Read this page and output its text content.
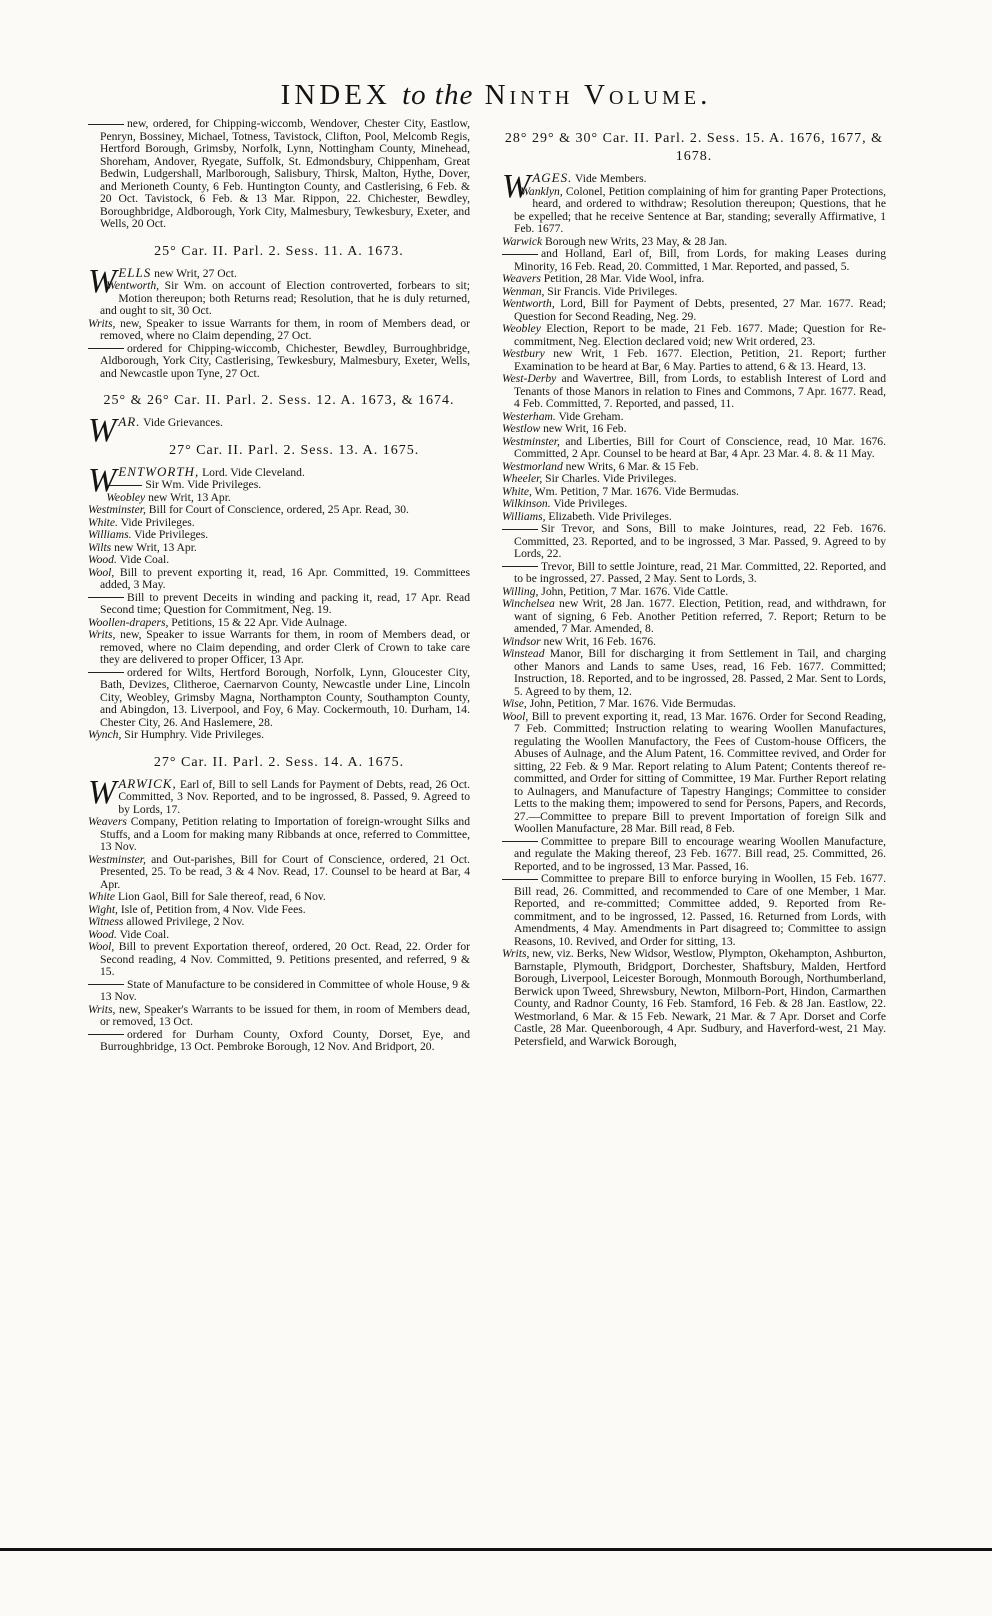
INDEX to the Ninth Volume.

new, ordered, for Chipping-wiccomb, Wendover, Chester City, Eastlow, Penryn, Bossiney, Michael, Totness, Tavistock, Clifton, Pool, Melcomb Regis, Hertford Borough, Grimsby, Norfolk, Lynn, Nottingham County, Minehead, Shoreham, Andover, Ryegate, Suffolk, St. Edmondsbury, Chippenham, Great Bedwin, Ludgershall, Marlborough, Salisbury, Thirsk, Malton, Hythe, Dover, and Merioneth County, 6 Feb. Huntington County, and Castlerising, 6 Feb. & 20 Oct. Tavistock, 6 Feb. & 13 Mar. Rippon, 22. Chichester, Bewdley, Boroughbridge, Aldborough, York City, Malmesbury, Tewkesbury, Exeter, and Wells, 20 Oct.

25° Car. II. Parl. 2. Sess. 11. A. 1673.

WELLS new Writ, 27 Oct.

Wentworth, Sir Wm. on account of Election controverted, forbears to sit; Motion thereupon; both Returns read; Resolution, that he is duly returned, and ought to sit, 30 Oct.

Writs, new, Speaker to issue Warrants for them, in room of Members dead, or removed, where no Claim depending, 27 Oct.

ordered for Chipping-wiccomb, Chichester, Bewdley, Burroughbridge, Aldborough, York City, Castlerising, Tewkesbury, Malmesbury, Exeter, Wells, and Newcastle upon Tyne, 27 Oct.

25° & 26° Car. II. Parl. 2. Sess. 12. A. 1673, & 1674.

WAR. Vide Grievances.

27° Car. II. Parl. 2. Sess. 13. A. 1675.

WENTWORTH, Lord. Vide Cleveland.

Sir Wm. Vide Privileges.

Weobley new Writ, 13 Apr.

Westminster, Bill for Court of Conscience, ordered, 25 Apr. Read, 30.

White. Vide Privileges.

Williams. Vide Privileges.

Wilts new Writ, 13 Apr.

Wood. Vide Coal.

Wool, Bill to prevent exporting it, read, 16 Apr. Committed, 19. Committees added, 3 May.

Bill to prevent Deceits in winding and packing it, read, 17 Apr. Read Second time; Question for Commitment, Neg. 19.

Woollen-drapers, Petitions, 15 & 22 Apr. Vide Aulnage.

Writs, new, Speaker to issue Warrants for them, in room of Members dead, or removed, where no Claim depending, and order Clerk of Crown to take care they are delivered to proper Officer, 13 Apr.

ordered for Wilts, Hertford Borough, Norfolk, Lynn, Gloucester City, Bath, Devizes, Clitheroe, Caernarvon County, Newcastle under Line, Lincoln City, Weobley, Grimsby Magna, Northampton County, Southampton County, and Abingdon, 13. Liverpool, and Foy, 6 May. Cockermouth, 10. Durham, 14. Chester City, 26. And Haslemere, 28.

Wynch, Sir Humphry. Vide Privileges.

27° Car. II. Parl. 2. Sess. 14. A. 1675.

WARWICK, Earl of, Bill to sell Lands for Payment of Debts, read, 26 Oct. Committed, 3 Nov. Reported, and to be ingrossed, 8. Passed, 9. Agreed to by Lords, 17.

Weavers Company, Petition relating to Importation of foreign-wrought Silks and Stuffs, and a Loom for making many Ribbands at once, referred to Committee, 13 Nov.

Westminster, and Out-parishes, Bill for Court of Conscience, ordered, 21 Oct. Presented, 25. To be read, 3 & 4 Nov. Read, 17. Counsel to be heard at Bar, 4 Apr.

White Lion Gaol, Bill for Sale thereof, read, 6 Nov.

Wight, Isle of, Petition from, 4 Nov. Vide Fees.

Witness allowed Privilege, 2 Nov.

Wood. Vide Coal.

Wool, Bill to prevent Exportation thereof, ordered, 20 Oct. Read, 22. Order for Second reading, 4 Nov. Committed, 9. Petitions presented, and referred, 9 & 15.

State of Manufacture to be considered in Committee of whole House, 9 & 13 Nov.

Writs, new, Speaker's Warrants to be issued for them, in room of Members dead, or removed, 13 Oct.

ordered for Durham County, Oxford County, Dorset, Eye, and Burroughbridge, 13 Oct. Pembroke Borough, 12 Nov. And Bridport, 20.

28° 29° & 30° Car. II. Parl. 2. Sess. 15. A. 1676, 1677, & 1678.

WAGES. Vide Members.

Wanklyn, Colonel, Petition complaining of him for granting Paper Protections, heard, and ordered to withdraw; Resolution thereupon; Questions, that he be expelled; that he receive Sentence at Bar, standing; severally Affirmative, 1 Feb. 1677.

Warwick Borough new Writs, 23 May, & 28 Jan.

and Holland, Earl of, Bill, from Lords, for making Leases during Minority, 16 Feb. Read, 20. Committed, 1 Mar. Reported, and passed, 5.

Weavers Petition, 28 Mar. Vide Wool, infra.

Wenman, Sir Francis. Vide Privileges.

Wentworth, Lord, Bill for Payment of Debts, presented, 27 Mar. 1677. Read; Question for Second Reading, Neg. 29.

Weobley Election, Report to be made, 21 Feb. 1677. Made; Question for Re-commitment, Neg. Election declared void; new Writ ordered, 23.

Westbury new Writ, 1 Feb. 1677. Election, Petition, 21. Report; further Examination to be heard at Bar, 6 May. Parties to attend, 6 & 13. Heard, 13.

West-Derby and Wavertree, Bill, from Lords, to establish Interest of Lord and Tenants of those Manors in relation to Fines and Commons, 7 Apr. 1677. Read, 4 Feb. Committed, 7. Reported, and passed, 11.

Westerham. Vide Greham.

Westlow new Writ, 16 Feb.

Westminster, and Liberties, Bill for Court of Conscience, read, 10 Mar. 1676. Committed, 2 Apr. Counsel to be heard at Bar, 4 Apr. 23 Mar. 4. 8. & 11 May.

Westmorland new Writs, 6 Mar. & 15 Feb.

Wheeler, Sir Charles. Vide Privileges.

White, Wm. Petition, 7 Mar. 1676. Vide Bermudas.

Wilkinson. Vide Privileges.

Williams, Elizabeth. Vide Privileges.

Sir Trevor, and Sons, Bill to make Jointures, read, 22 Feb. 1676. Committed, 23. Reported, and to be ingrossed, 3 Mar. Passed, 9. Agreed to by Lords, 22.

Trevor, Bill to settle Jointure, read, 21 Mar. Committed, 22. Reported, and to be ingrossed, 27. Passed, 2 May. Sent to Lords, 3.

Willing, John, Petition, 7 Mar. 1676. Vide Cattle.

Winchelsea new Writ, 28 Jan. 1677. Election, Petition, read, and withdrawn, for want of signing, 6 Feb. Another Petition referred, 7. Report; Return to be amended, 7 Mar. Amended, 8.

Windsor new Writ, 16 Feb. 1676.

Winstead Manor, Bill for discharging it from Settlement in Tail, and charging other Manors and Lands to same Uses, read, 16 Feb. 1677. Committed; Instruction, 18. Reported, and to be ingrossed, 28. Passed, 2 Mar. Sent to Lords, 5. Agreed to by them, 12.

Wise, John, Petition, 7 Mar. 1676. Vide Bermudas.

Wool, Bill to prevent exporting it, read, 13 Mar. 1676. Order for Second Reading, 7 Feb. Committed; Instruction relating to wearing Woollen Manufactures, regulating the Woollen Manufactory, the Fees of Custom-house Officers, the Abuses of Aulnage, and the Alum Patent, 16. Committee revived, and Order for sitting, 22 Feb. & 9 Mar. Report relating to Alum Patent; Contents thereof re-committed, and Order for sitting of Committee, 19 Mar. Further Report relating to Aulnagers, and Manufacture of Tapestry Hangings; Committee to consider Letts to the making them; impowered to send for Persons, Papers, and Records, 27.—Committee to prepare Bill to prevent Importation of foreign Silk and Woollen Manufacture, 28 Mar. Bill read, 8 Feb.

Committee to prepare Bill to encourage wearing Woollen Manufacture, and regulate the Making thereof, 23 Feb. 1677. Bill read, 25. Committed, 26. Reported, and to be ingrossed, 13 Mar. Passed, 16.

Committee to prepare Bill to enforce burying in Woollen, 15 Feb. 1677. Bill read, 26. Committed, and recommended to Care of one Member, 1 Mar. Reported, and re-committed; Committee added, 9. Reported from Re-commitment, and to be ingrossed, 12. Passed, 16. Returned from Lords, with Amendments, 4 May. Amendments in Part disagreed to; Committee to assign Reasons, 10. Revived, and Order for sitting, 13.

Writs, new, viz. Berks, New Widsor, Westlow, Plympton, Okehampton, Ashburton, Barnstaple, Plymouth, Bridgport, Dorchester, Shaftsbury, Malden, Hertford Borough, Liverpool, Leicester Borough, Monmouth Borough, Northumberland, Berwick upon Tweed, Shrewsbury, Newton, Milborn-Port, Hindon, Carmarthen County, and Radnor County, 16 Feb. Stamford, 16 Feb. & 28 Jan. Eastlow, 22. Westmorland, 6 Mar. & 15 Feb. Newark, 21 Mar. & 7 Apr. Dorset and Corfe Castle, 28 Mar. Queenborough, 4 Apr. Sudbury, and Haverford-west, 21 May. Petersfield, and Warwick Borough,
